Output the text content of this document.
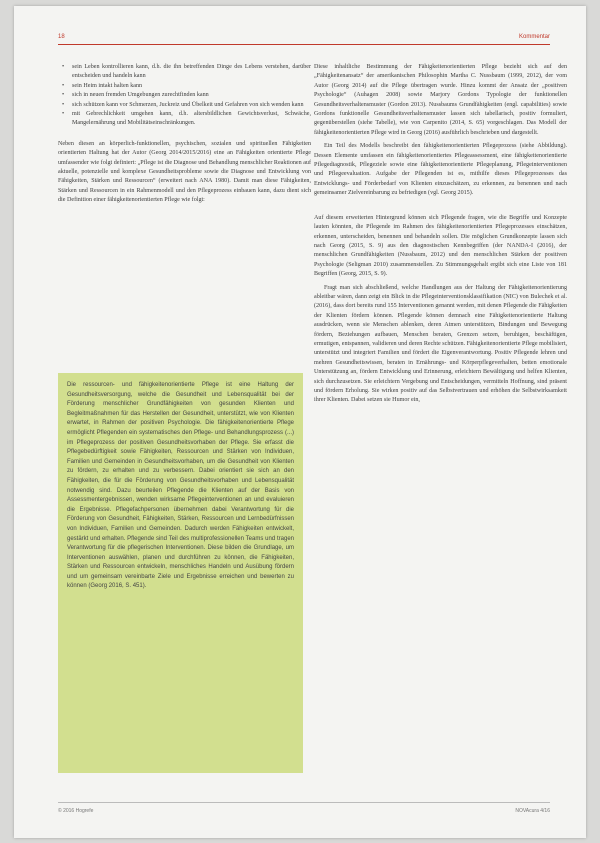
18	Kommentar
• sein Leben kontrollieren kann, d.h. die ihn betreffenden Dinge des Lebens verstehen, darüber entscheiden und handeln kann
• sein Heim intakt halten kann
• sich in neuen fremden Umgebungen zurechtfinden kann
• sich schützen kann vor Schmerzen, Juckreiz und Übelkeit und Gefahren von sich wenden kann
• mit Gebrechlichkeit umgehen kann, d.h. altersbildlichen Gewichtsverlust, Schwäche, Mangelernährung und Mobilitätseinschränkungen.

Neben diesen an körperlich-funktionellen, psychischen, sozialen und spirituellen Fähigkeiten orientierten Haltung hat der Autor (Georg 2014/2015/2016) eine an Fähigkeiten orientierte Pflege umfassender wie folgt definiert: „Pflege ist die Diagnose und Behandlung menschlicher Reaktionen auf aktuelle, potenzielle und komplexe Gesundheitsprobleme sowie die Diagnose und Entwicklung von Fähigkeiten, Stärken und Ressourcen“ (erweitert nach ANA 1980). Damit man diese Fähigkeiten, Stärken und Ressourcen in ein Rahmenmodell und den Pflegeprozess einbauen kann, dazu dient sich die Definition einer fähigkeitenorientierten Pflege wie folgt:

Die ressourcen- und fähigkeitenorientierte Pflege ist eine Haltung der Gesundheitsversorgung, welche die Gesundheit und Lebensqualität bei der Förderung menschlicher Grundfähigkeiten von gesunden Klienten und Begleitmaßnahmen für das Herstellen der Gesundheit, unterstützt, wie von Klienten erwartet, in Rahmen der positiven Psychologie. Die fähigkeitenorientierte Pflege ermöglicht Pflegenden ein systematisches den Pflege- und Behandlungsprozess (...) im Pflegeprozess der positiven Gesundheitsvorhaben der Pflege. Sie erfasst die Pflegebedürftigkeit sowie Fähigkeiten, Ressourcen und Stärken von Individuen, Familien und Gemeinden in Gesundheitsvorhaben, um die Gesundheit von Klienten zu fördern, zu erhalten und zu verbessern. Dabei orientiert sie sich an den Fähigkeiten, die für die Förderung von Gesundheitsvorhaben und Lebensqualität notwendig sind. Dazu beurteilen Pflegende die Klienten auf der Basis von Assessmentergebnissen, wenden wirksame Pflegeinterventionen an und evaluieren die Ergebnisse. Pflegefachpersonen übernehmen dabei Verantwortung für die Förderung von Gesundheit, Fähigkeiten, Stärken, Ressourcen und Lernbedürfnissen von Individuen, Familien und Gemeinden. Dadurch werden Fähigkeiten entwickelt, gestärkt und erhalten. Pflegende sind Teil des multiprofessionellen Teams und tragen Verantwortung für die pflegerischen Interventionen. Diese bilden die Grundlage, um Interventionen auswählen, planen und durchführen zu können, die Fähigkeiten, Stärken und Ressourcen entwickeln, menschliches Handeln und Ausübung fördern und um gemeinsam vereinbarte Ziele und Ergebnisse erreichen und bewerten zu können (Georg 2016, S. 451).

Diese inhaltliche Bestimmung der Fähigkeitenorientierten Pflege bezieht sich auf den „Fähigkeitenansatz“ der amerikanischen Philosophin Martha C. Nussbaum (1999, 2012), der vom Autor (Georg 2014) auf die Pflege übertragen wurde. Hinzu kommt der Ansatz der „positiven Psychologie“ (Auhagen 2008) sowie Marjory Gordons Typologie der funktionellen Gesundheitsverhaltensmuster (Gordon 2013). Nussbaums Grundfähigkeiten (engl. capabilities) sowie Gordons funktionelle Gesundheitsverhaltensmuster lassen sich tabellarisch, positiv formuliert, gegenüberstellen (siehe Tabelle), wie von Carpenito (2014, S. 65) vorgeschlagen. Das Modell der fähigkeitenorientierten Pflege wird in Georg (2016) ausführlich beschrieben und dargestellt.

Ein Teil des Modells beschreibt den fähigkeitenorientierten Pflegeprozess (siehe Abbildung). Dessen Elemente umfassen ein fähigkeitenorientiertes Pflegeassessment, eine fähigkeitenorientierte Pflegediagnostik, Pflegeziele sowie eine fähigkeitenorientierte Pflegeplanung, Pflegeinterventionen und Pflegeevaluation. Aufgabe der Pflegenden ist es, mithilfe dieses Pflegeprozesses das Entwicklungs- und Förderbedarf von Klienten einzuschätzen, zu erkennen, zu benennen und nach gemeinsamer Zielvereinbarung zu befriedigen (vgl. Georg 2015).

Auf diesem erweiterten Hintergrund können sich Pflegende fragen, wie die Begriffe und Konzepte lauten könnten, die Pflegende im Rahmen des fähigkeitenorientierten Pflegeprozesses einschätzen, erkennen, unterscheiden, benennen und behandeln sollen. Die möglichen Grundkonzepte lassen sich nach Georg (2015, S. 9) aus den diagnostischen Kennbegriffen (der NANDA-I (2016), der menschlichen Grundfähigkeiten (Nussbaum, 2012) und den menschlichen Stärken der positiven Psychologie (Seligman 2010) zusammenstellen. Zu Stimmungsgehalt ergibt sich eine Liste von 181 Begriffen (Georg, 2015, S. 9).

Fragt man sich abschließend, welche Handlungen aus der Haltung der Fähigkeitenorientierung ableitbar wären, dann zeigt ein Blick in die Pflegeinterventionsklassifikation (NIC) von Bulechek et al. (2016), dass dort bereits rund 155 Interventionen genannt werden, mit denen Pflegende die Fähigkeiten der Klienten fördern können. Pflegende können demnach eine Fähigkeitenorientierte Haltung ausdrücken, wenn sie Menschen ablenken, deren Atmen unterstützen, Bindungen und Bewegung fördern, Beziehungen aufbauen, Menschen beraten, Grenzen setzen, beruhigen, beschäftigen, ermutigen, entspannen, validieren und deren Rechte schützen. Fähigkeitenorientierte Pflege mobilisiert, unterstützt und integriert Familien und fördert die Eigenverantwortung. Positiv Pflegende lehren und mehren Gesundheitswissen, beraten in Ernährungs- und Körperpflegeverhalten, betten emotionale Unterstützung an, fördern Entwicklung und Erinnerung, erleichtern Bewältigung und helfen Klienten, sich durchzusetzen. Sie erleichtern Vergebung und Entscheidungen, vermitteln Hoffnung, sind präsent und fördern Erholung. Sie wirken positiv auf das Selbstvertrauen und erhöhen die Selbstwirksamkeit ihrer Klienten. Dabei setzen sie Humor ein,

© 2016 Hogrefe	NOVAcura 4/16
